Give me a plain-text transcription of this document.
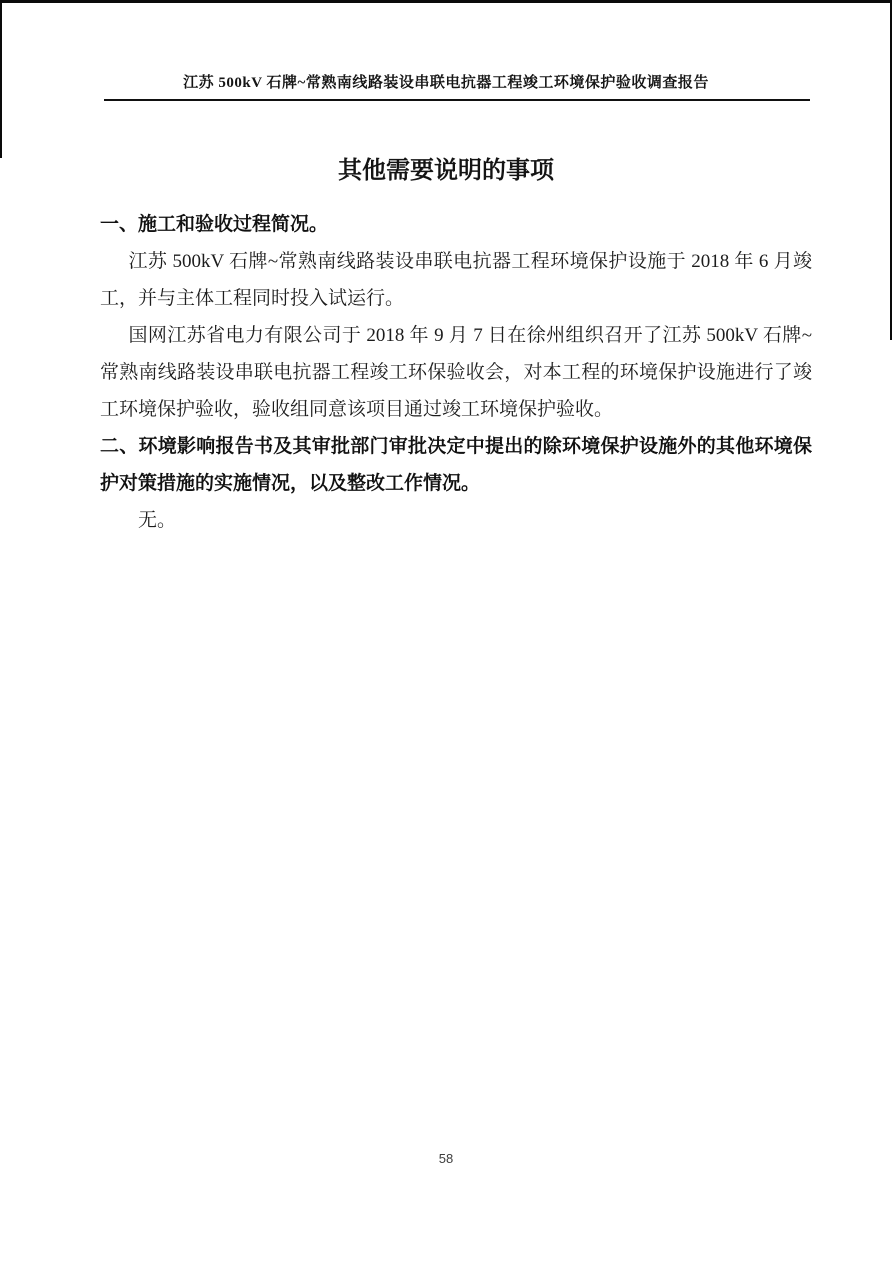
江苏 500kV 石牌~常熟南线路装设串联电抗器工程竣工环境保护验收调查报告
其他需要说明的事项
一、施工和验收过程简况。

江苏 500kV 石牌~常熟南线路装设串联电抗器工程环境保护设施于 2018 年 6 月竣工，并与主体工程同时投入试运行。

国网江苏省电力有限公司于 2018 年 9 月 7 日在徐州组织召开了江苏 500kV 石牌~常熟南线路装设串联电抗器工程竣工环保验收会，对本工程的环境保护设施进行了竣工环境保护验收，验收组同意该项目通过竣工环境保护验收。

二、环境影响报告书及其审批部门审批决定中提出的除环境保护设施外的其他环境保护对策措施的实施情况，以及整改工作情况。

无。

58
